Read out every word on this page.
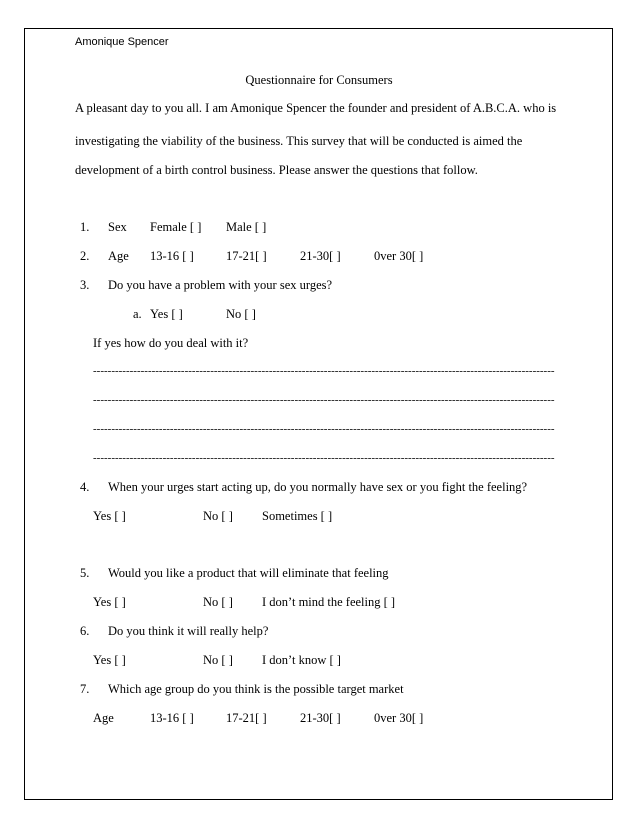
Amonique Spencer
Questionnaire for Consumers
A pleasant day to you all. I am Amonique Spencer the founder and president of A.B.C.A. who is
investigating the viability of the business. This survey that will be conducted is aimed the
development of a birth control business. Please answer the questions that follow.
1. Sex Female [ ] Male [ ]
2. Age 13-16 [ ]	17-21[ ]	21-30[ ]	0ver 30[ ]
3. Do you have a problem with your sex urges?
a. Yes [ ]	No [ ]
If yes how do you deal with it?
------------------------------------------------------------------------------------------------------------------------------
------------------------------------------------------------------------------------------------------------------------------
------------------------------------------------------------------------------------------------------------------------------
------------------------------------------------------------------------------------------------------------------------------
4. When your urges start acting up, do you normally have sex or you fight the feeling?
Yes [ ]	No [ ] Sometimes [ ]
5. Would you like a product that will eliminate that feeling
Yes [ ]	No [ ] I don’t mind the feeling [ ]
6. Do you think it will really help?
Yes [ ]	No [ ] I don’t know [ ]
7. Which age group do you think is the possible target market
Age	13-16 [ ]	17-21[ ]	21-30[ ]	0ver 30[ ]
